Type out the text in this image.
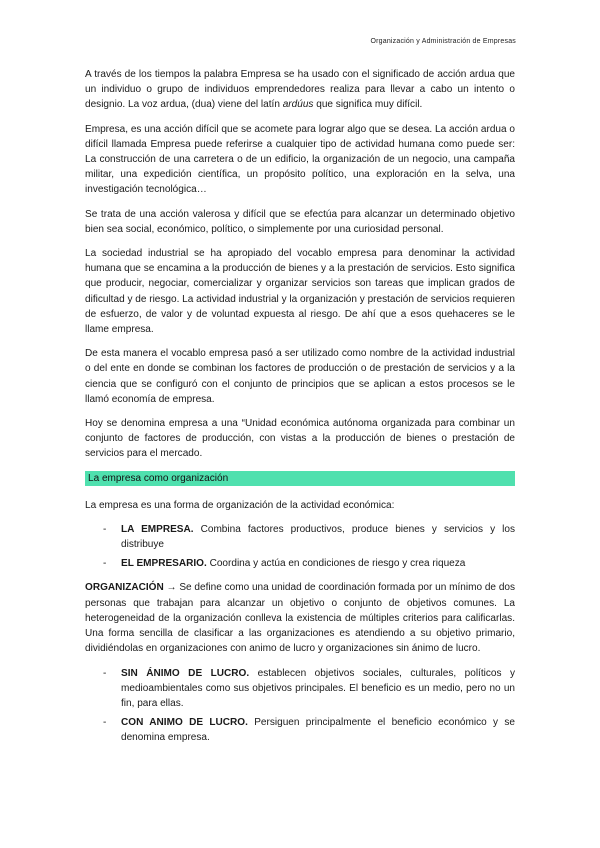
Organización y Administración de Empresas

A través de los tiempos la palabra Empresa se ha usado con el significado de acción ardua que un individuo o grupo de individuos emprendedores realiza para llevar a cabo un intento o designio. La voz ardua, (dua) viene del latín ardúus que significa muy difícil.

Empresa, es una acción difícil que se acomete para lograr algo que se desea. La acción ardua o difícil llamada Empresa puede referirse a cualquier tipo de actividad humana como puede ser: La construcción de una carretera o de un edificio, la organización de un negocio, una campaña militar, una expedición científica, un propósito político, una exploración en la selva, una investigación tecnológica…

Se trata de una acción valerosa y difícil que se efectúa para alcanzar un determinado objetivo bien sea social, económico, político, o simplemente por una curiosidad personal.

La sociedad industrial se ha apropiado del vocablo empresa para denominar la actividad humana que se encamina a la producción de bienes y a la prestación de servicios. Esto significa que producir, negociar, comercializar y organizar servicios son tareas que implican grados de dificultad y de riesgo. La actividad industrial y la organización y prestación de servicios requieren de esfuerzo, de valor y de voluntad expuesta al riesgo. De ahí que a esos quehaceres se le llame empresa.

De esta manera el vocablo empresa pasó a ser utilizado como nombre de la actividad industrial o del ente en donde se combinan los factores de producción o de prestación de servicios y a la ciencia que se configuró con el conjunto de principios que se aplican a estos procesos se le llamó economía de empresa.

Hoy se denomina empresa a una “Unidad económica autónoma organizada para combinar un conjunto de factores de producción, con vistas a la producción de bienes o prestación de servicios para el mercado.

La empresa como organización

La empresa es una forma de organización de la actividad económica:

- LA EMPRESA. Combina factores productivos, produce bienes y servicios y los distribuye
- EL EMPRESARIO. Coordina y actúa en condiciones de riesgo y crea riqueza

ORGANIZACIÓN → Se define como una unidad de coordinación formada por un mínimo de dos personas que trabajan para alcanzar un objetivo o conjunto de objetivos comunes. La heterogeneidad de la organización conlleva la existencia de múltiples criterios para calificarlas. Una forma sencilla de clasificar a las organizaciones es atendiendo a su objetivo primario, dividiéndolas en organizaciones con animo de lucro y organizaciones sin ánimo de lucro.

- SIN ÁNIMO DE LUCRO. establecen objetivos sociales, culturales, políticos y medioambientales como sus objetivos principales. El beneficio es un medio, pero no un fin, para ellas.
- CON ANIMO DE LUCRO. Persiguen principalmente el beneficio económico y se denomina empresa.
